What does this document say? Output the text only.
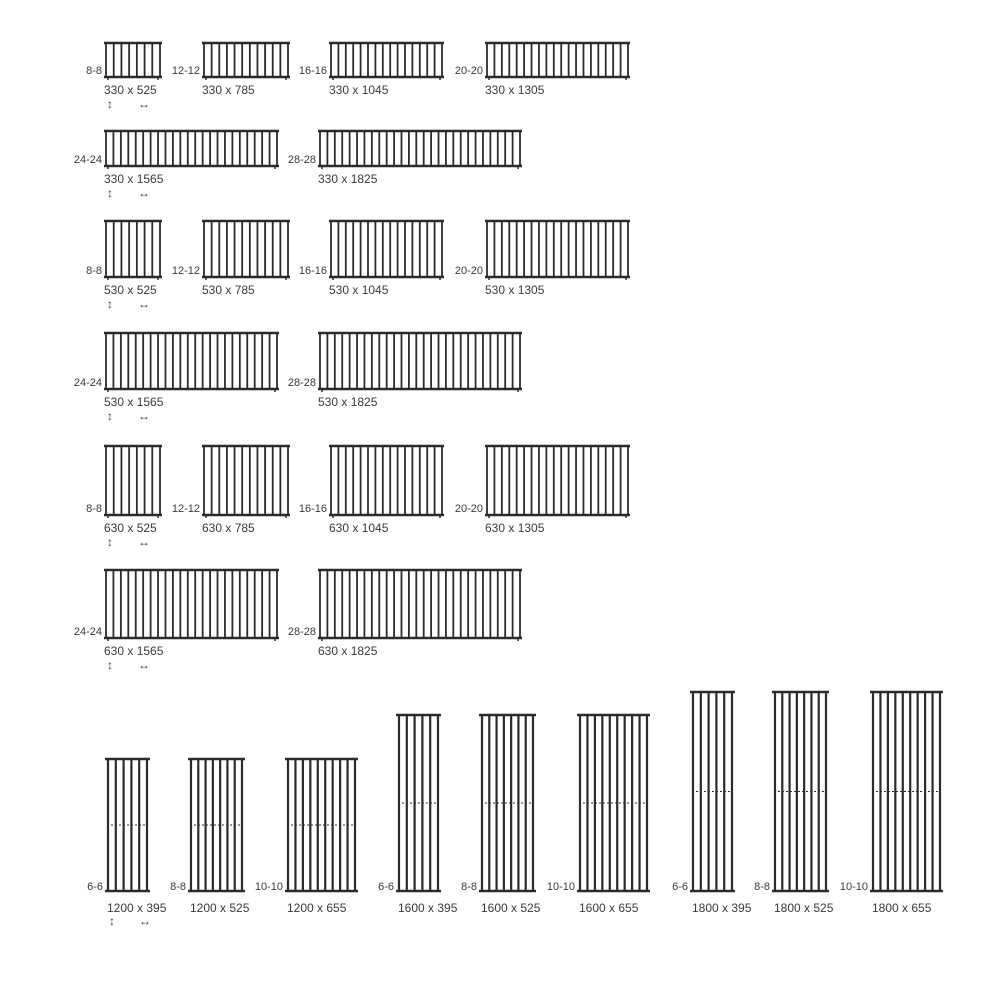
8-8
330 x 525
↕ ↔
12-12
330 x 785
16-16
330 x 1045
20-20
330 x 1305
24-24
330 x 1565
↕ ↔
28-28
330 x 1825
8-8
530 x 525
↕ ↔
12-12
530 x 785
16-16
530 x 1045
20-20
530 x 1305
24-24
530 x 1565
↕ ↔
28-28
530 x 1825
8-8
630 x 525
↕ ↔
12-12
630 x 785
16-16
630 x 1045
20-20
630 x 1305
24-24
630 x 1565
↕ ↔
28-28
630 x 1825
6-6
1200 x 395
↕ ↔
8-8
1200 x 525
10-10
1200 x 655
6-6
1600 x 395
8-8
1600 x 525
10-10
1600 x 655
6-6
1800 x 395
8-8
1800 x 525
10-10
1800 x 655
